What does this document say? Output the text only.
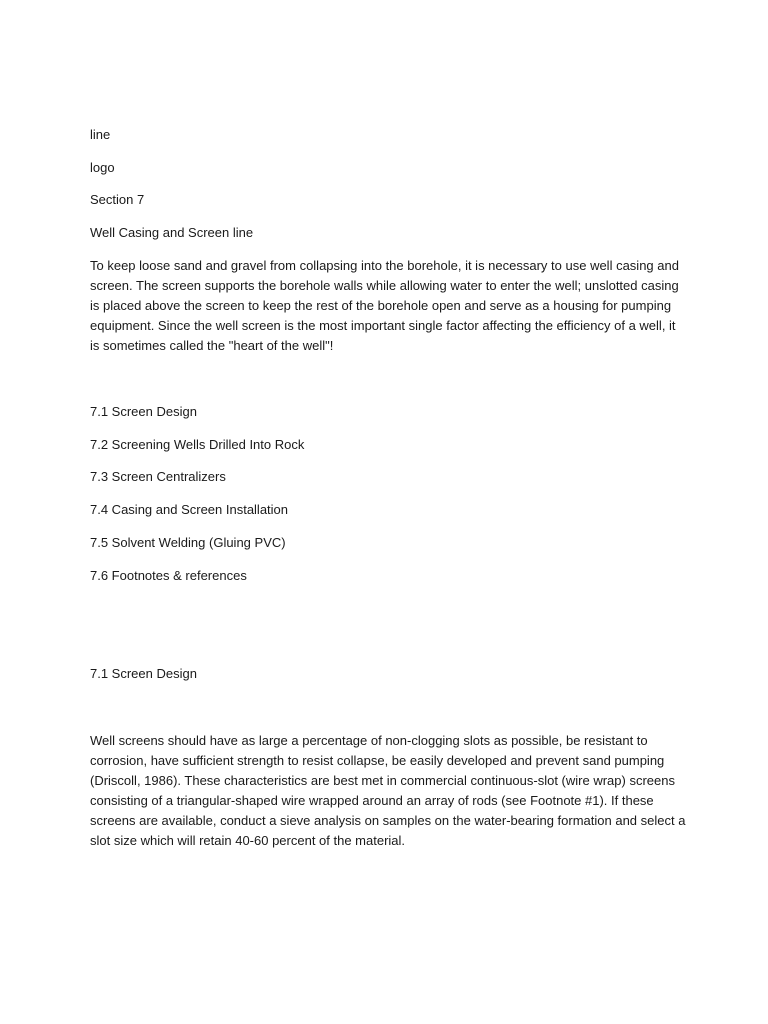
line
logo
Section 7
Well Casing and Screen line
To keep loose sand and gravel from collapsing into the borehole, it is necessary to use well casing and
screen. The screen supports the borehole walls while allowing water to enter the well; unslotted casing
is placed above the screen to keep the rest of the borehole open and serve as a housing for pumping
equipment. Since the well screen is the most important single factor affecting the efficiency of a well, it
is sometimes called the "heart of the well"!
7.1 Screen Design
7.2 Screening Wells Drilled Into Rock
7.3 Screen Centralizers
7.4 Casing and Screen Installation
7.5 Solvent Welding (Gluing PVC)
7.6 Footnotes & references
7.1 Screen Design
Well screens should have as large a percentage of non-clogging slots as possible, be resistant to
corrosion, have sufficient strength to resist collapse, be easily developed and prevent sand pumping
(Driscoll, 1986). These characteristics are best met in commercial continuous-slot (wire wrap) screens
consisting of a triangular-shaped wire wrapped around an array of rods (see Footnote #1). If these
screens are available, conduct a sieve analysis on samples on the water-bearing formation and select a
slot size which will retain 40-60 percent of the material.
